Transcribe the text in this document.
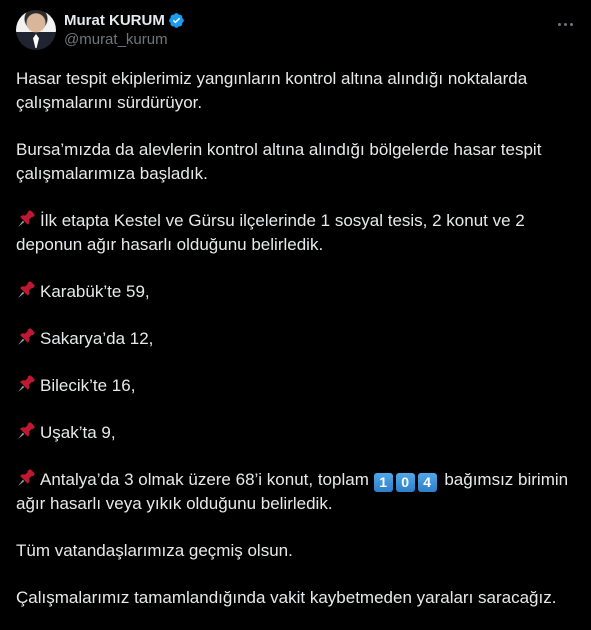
Murat KURUM
@murat_kurum

Hasar tespit ekiplerimiz yangınların kontrol altına alındığı noktalarda çalışmalarını sürdürüyor.

Bursa’mızda da alevlerin kontrol altına alındığı bölgelerde hasar tespit çalışmalarımıza başladık.

İlk etapta Kestel ve Gürsu ilçelerinde 1 sosyal tesis, 2 konut ve 2 deponun ağır hasarlı olduğunu belirledik.

Karabük’te 59,

Sakarya’da 12,

Bilecik’te 16,

Uşak’ta 9,

Antalya’da 3 olmak üzere 68’i konut, toplam 1 0 4 bağımsız birimin ağır hasarlı veya yıkık olduğunu belirledik.

Tüm vatandaşlarımıza geçmiş olsun.

Çalışmalarımız tamamlandığında vakit kaybetmeden yaraları saracağız.
